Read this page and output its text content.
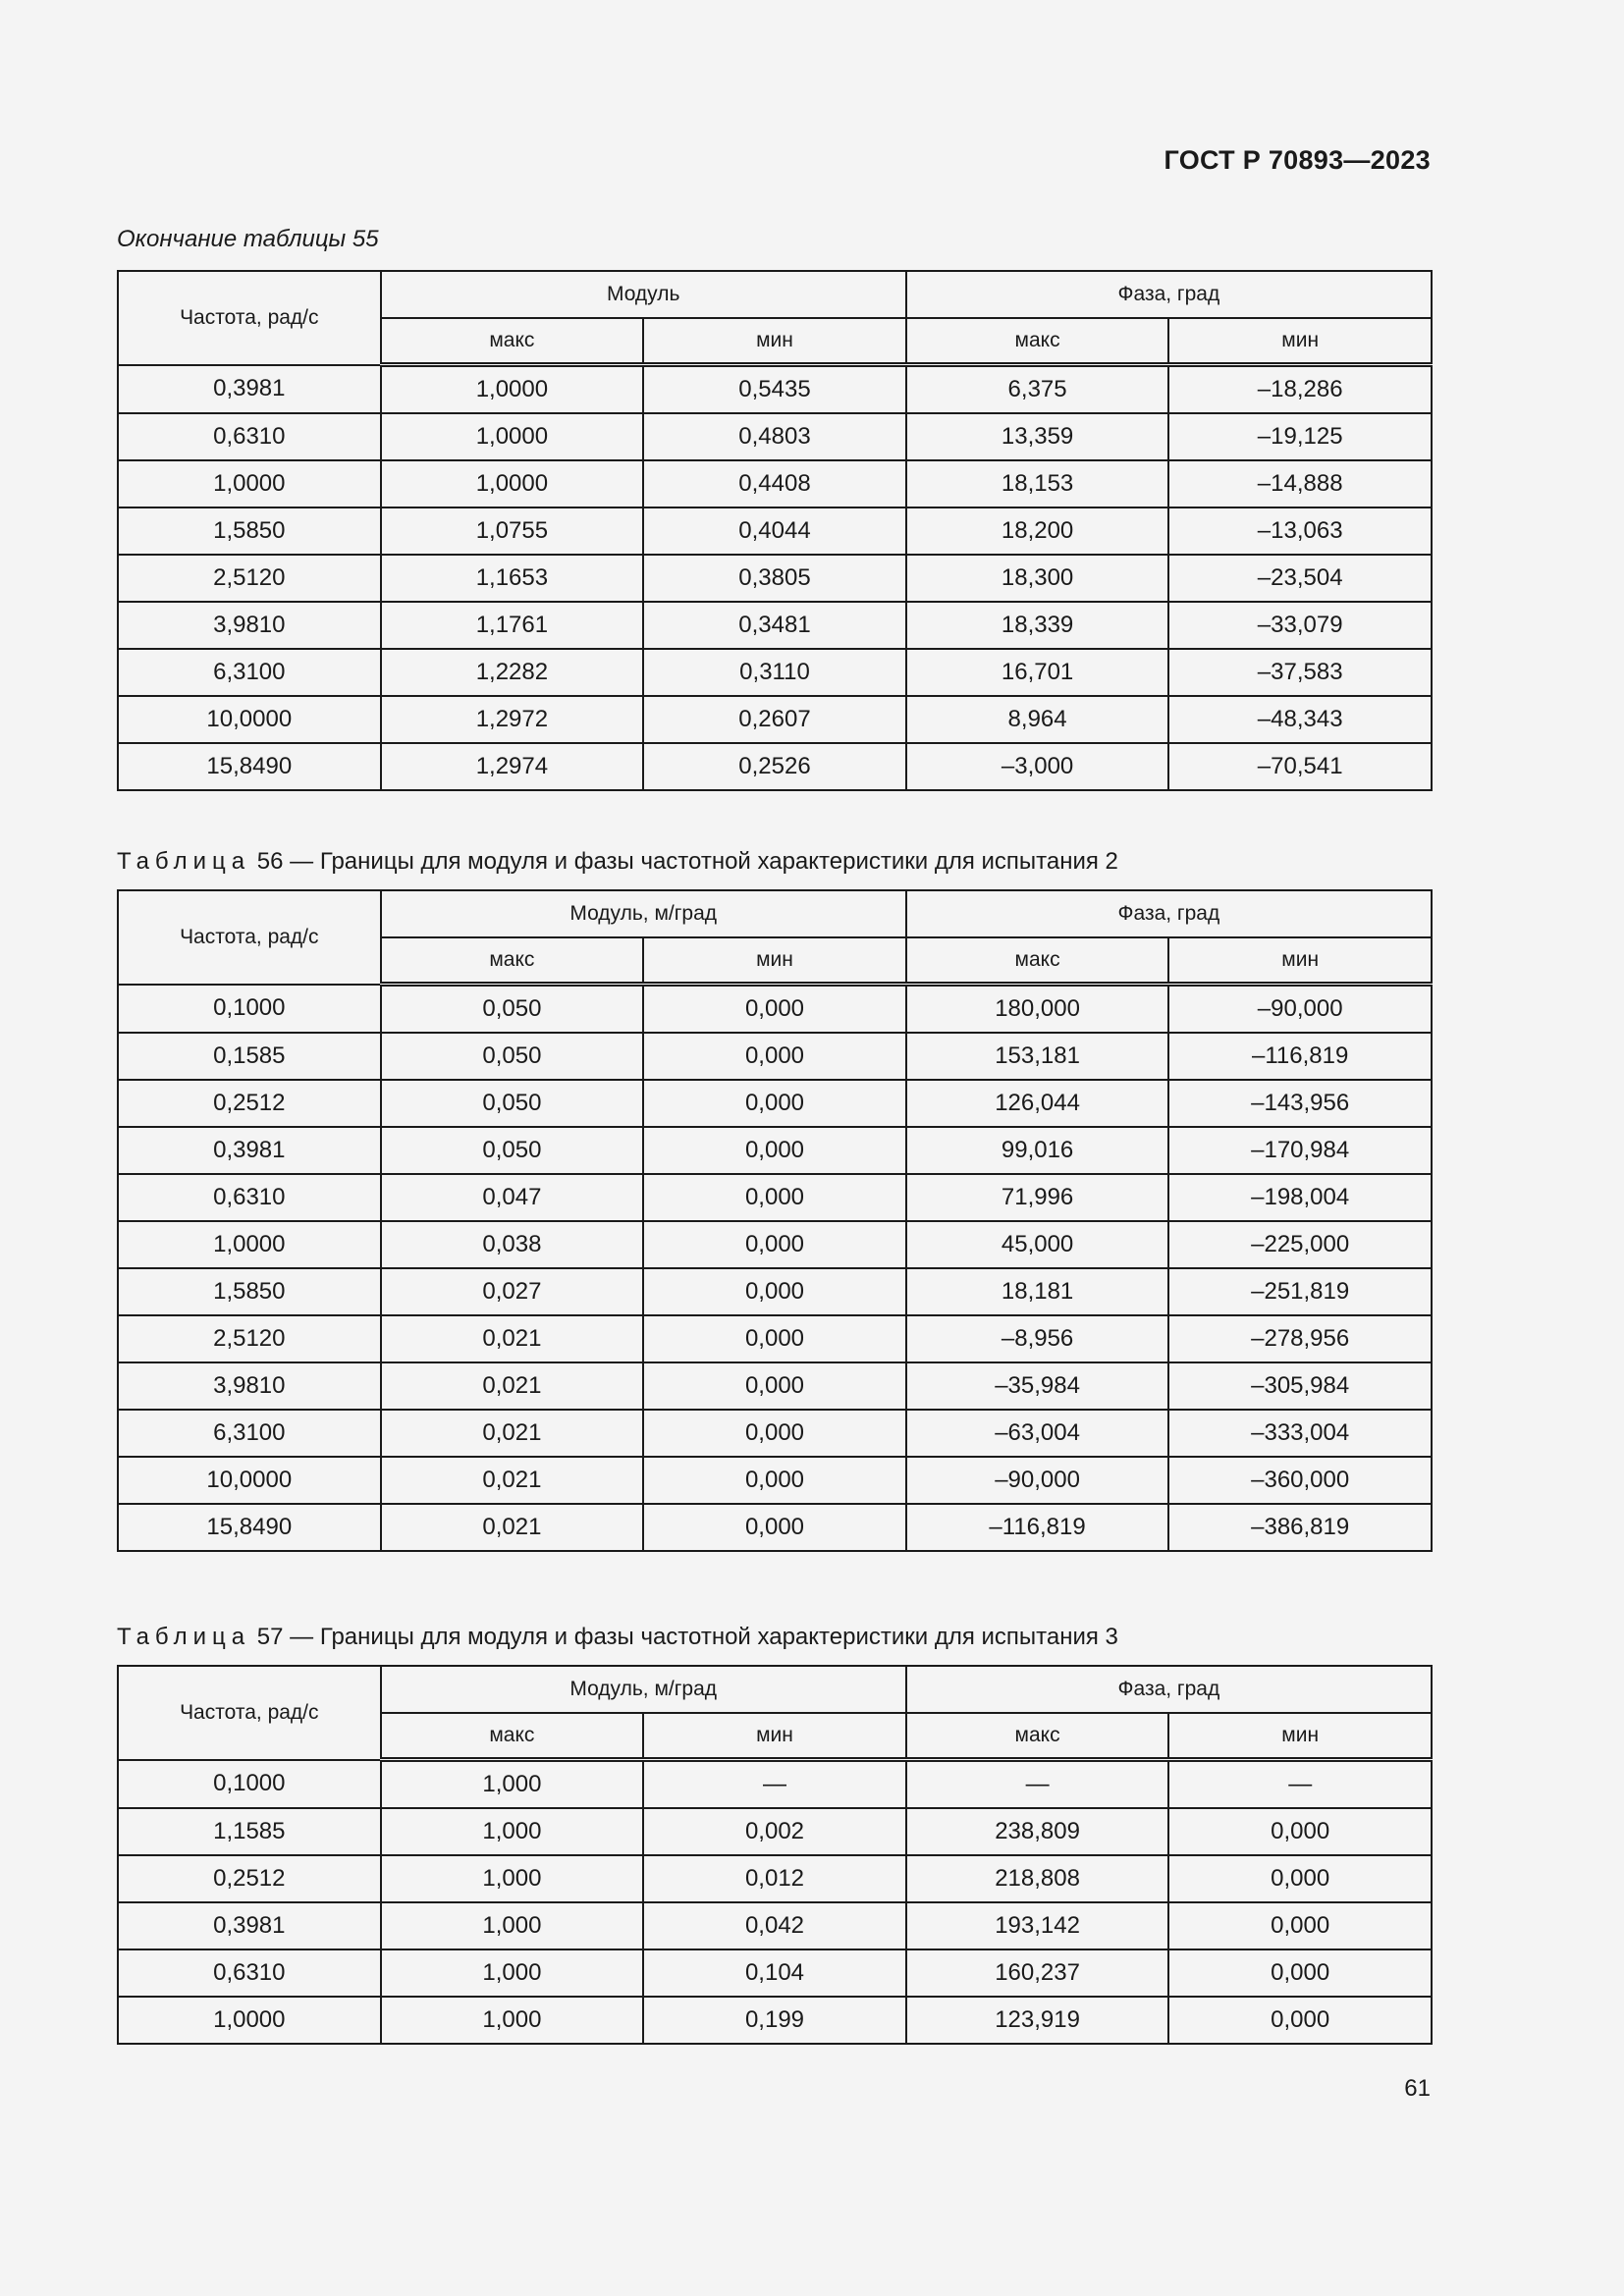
ГОСТ Р 70893—2023
Окончание таблицы 55
Частота, рад/с	Модуль		Фаза, град	
	макс	мин	макс	мин
0,3981	1,0000	0,5435	6,375	–18,286
0,6310	1,0000	0,4803	13,359	–19,125
1,0000	1,0000	0,4408	18,153	–14,888
1,5850	1,0755	0,4044	18,200	–13,063
2,5120	1,1653	0,3805	18,300	–23,504
3,9810	1,1761	0,3481	18,339	–33,079
6,3100	1,2282	0,3110	16,701	–37,583
10,0000	1,2972	0,2607	8,964	–48,343
15,8490	1,2974	0,2526	–3,000	–70,541
Таблица 56 — Границы для модуля и фазы частотной характеристики для испытания 2
Частота, рад/с	Модуль, м/град		Фаза, град	
	макс	мин	макс	мин
0,1000	0,050	0,000	180,000	–90,000
0,1585	0,050	0,000	153,181	–116,819
0,2512	0,050	0,000	126,044	–143,956
0,3981	0,050	0,000	99,016	–170,984
0,6310	0,047	0,000	71,996	–198,004
1,0000	0,038	0,000	45,000	–225,000
1,5850	0,027	0,000	18,181	–251,819
2,5120	0,021	0,000	–8,956	–278,956
3,9810	0,021	0,000	–35,984	–305,984
6,3100	0,021	0,000	–63,004	–333,004
10,0000	0,021	0,000	–90,000	–360,000
15,8490	0,021	0,000	–116,819	–386,819
Таблица 57 — Границы для модуля и фазы частотной характеристики для испытания 3
Частота, рад/с	Модуль, м/град		Фаза, град	
	макс	мин	макс	мин
0,1000	1,000	—	—	—
1,1585	1,000	0,002	238,809	0,000
0,2512	1,000	0,012	218,808	0,000
0,3981	1,000	0,042	193,142	0,000
0,6310	1,000	0,104	160,237	0,000
1,0000	1,000	0,199	123,919	0,000
61
